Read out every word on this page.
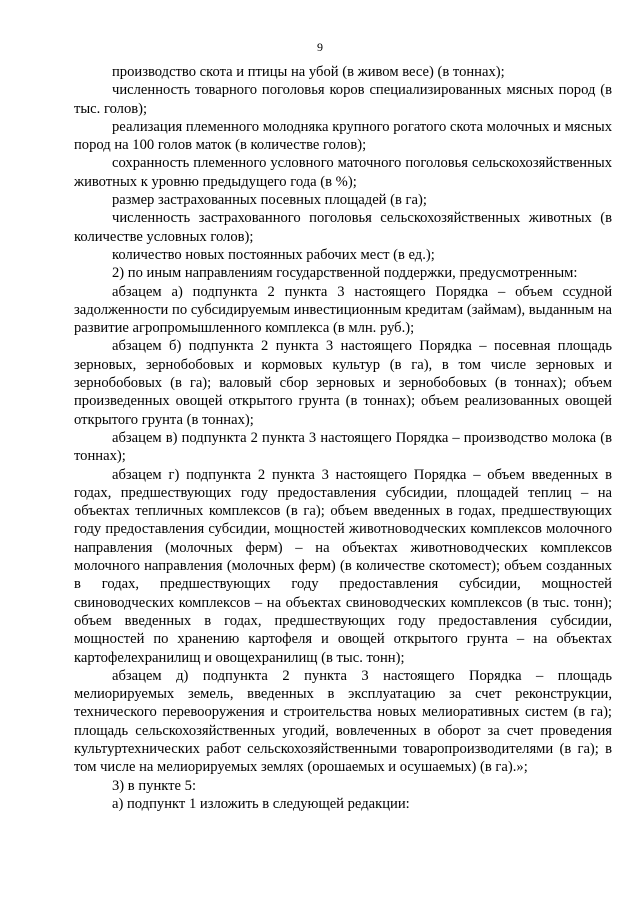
9

производство скота и птицы на убой (в живом весе) (в тоннах);

численность товарного поголовья коров специализированных мясных пород (в тыс. голов);

реализация племенного молодняка крупного рогатого скота молочных и мясных пород на 100 голов маток (в количестве голов);

сохранность племенного условного маточного поголовья сельскохозяйственных животных к уровню предыдущего года (в %);

размер застрахованных посевных площадей (в га);

численность застрахованного поголовья сельскохозяйственных животных (в количестве условных голов);

количество новых постоянных рабочих мест (в ед.);

2) по иным направлениям государственной поддержки, предусмотренным:

абзацем а) подпункта 2 пункта 3 настоящего Порядка – объем ссудной задолженности по субсидируемым инвестиционным кредитам (займам), выданным на развитие агропромышленного комплекса (в млн. руб.);

абзацем б) подпункта 2 пункта 3 настоящего Порядка – посевная площадь зерновых, зернобобовых и кормовых культур (в га), в том числе зерновых и зернобобовых (в га); валовый сбор зерновых и зернобобовых (в тоннах); объем произведенных овощей открытого грунта (в тоннах); объем реализованных овощей открытого грунта (в тоннах);

абзацем в) подпункта 2 пункта 3 настоящего Порядка – производство молока (в тоннах);

абзацем г) подпункта 2 пункта 3 настоящего Порядка – объем введенных в годах, предшествующих году предоставления субсидии, площадей теплиц – на объектах тепличных комплексов (в га); объем введенных в годах, предшествующих году предоставления субсидии, мощностей животноводческих комплексов молочного направления (молочных ферм) – на объектах животноводческих комплексов молочного направления (молочных ферм) (в количестве скотомест); объем созданных в годах, предшествующих году предоставления субсидии, мощностей свиноводческих комплексов – на объектах свиноводческих комплексов (в тыс. тонн); объем введенных в годах, предшествующих году предоставления субсидии, мощностей по хранению картофеля и овощей открытого грунта – на объектах картофелехранилищ и овощехранилищ (в тыс. тонн);

абзацем д) подпункта 2 пункта 3 настоящего Порядка – площадь мелиорируемых земель, введенных в эксплуатацию за счет реконструкции, технического перевооружения и строительства новых мелиоративных систем (в га); площадь сельскохозяйственных угодий, вовлеченных в оборот за счет проведения культуртехнических работ сельскохозяйственными товаропроизводителями (в га); в том числе на мелиорируемых землях (орошаемых и осушаемых) (в га).»;

3) в пункте 5:

а) подпункт 1 изложить в следующей редакции:
